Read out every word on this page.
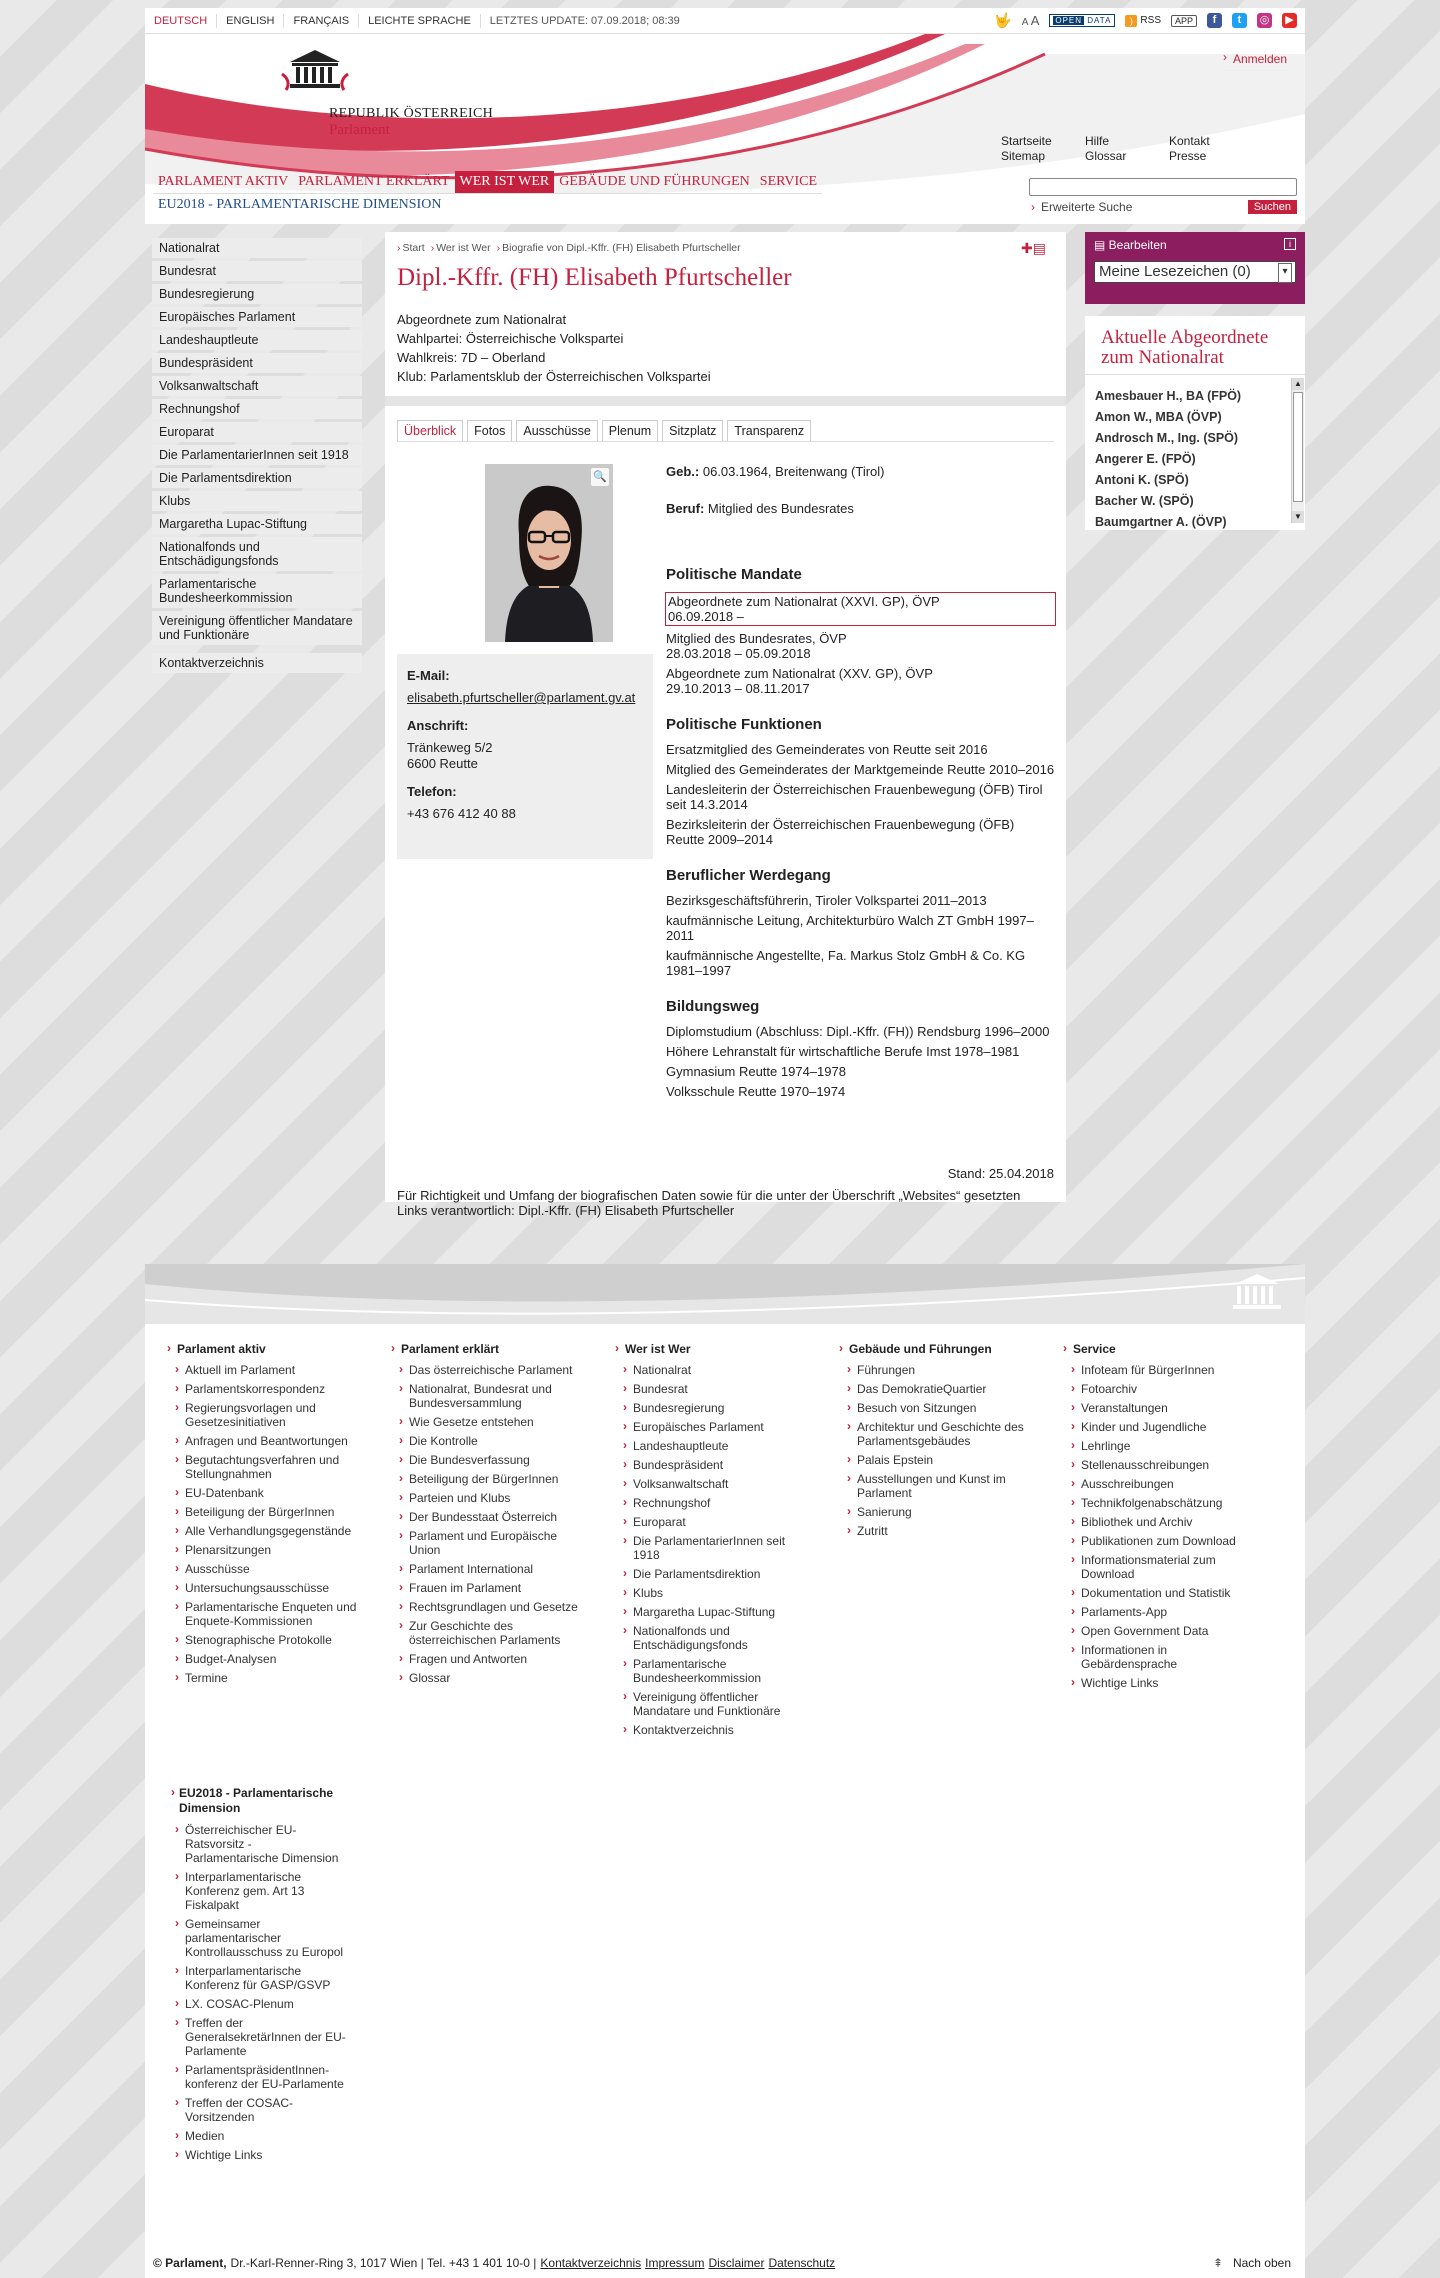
DEUTSCH	ENGLISH	FRANÇAIS	LEICHTE SPRACHE	LETZTES UPDATE: 07.09.2018; 08:39	🤟 A A	OPEN DATA	) RSS	APP	f	t	◎ ▶
REPUBLIK ÖSTERREICH
Parlament
› Anmelden
Startseite	Hilfe	Kontakt
Sitemap	Glossar	Presse
PARLAMENT AKTIV PARLAMENT ERKLÄRT WER IST WER GEBÄUDE UND FÜHRUNGEN SERVICE
EU2018 - PARLAMENTARISCHE DIMENSION	› Erweiterte Suche	Suchen
Nationalrat
Bundesrat
Bundesregierung
Europäisches Parlament
Landeshauptleute
Bundespräsident
Volksanwaltschaft
Rechnungshof
Europarat
Die ParlamentarierInnen seit 1918
Die Parlamentsdirektion
Klubs
Margaretha Lupac-Stiftung
Nationalfonds und Entschädigungsfonds
Parlamentarische Bundesheerkommission
Vereinigung öffentlicher Mandatare und Funktionäre
Kontaktverzeichnis
› Start	› Wer ist Wer	› Biografie von Dipl.-Kffr. (FH) Elisabeth Pfurtscheller	✚▤
Dipl.-Kffr. (FH) Elisabeth Pfurtscheller
Abgeordnete zum Nationalrat
Wahlpartei: Österreichische Volkspartei
Wahlkreis: 7D – Oberland
Klub: Parlamentsklub der Österreichischen Volkspartei
Überblick	Fotos	Ausschüsse	Plenum	Sitzplatz	Transparenz
🔍
E-Mail:
elisabeth.pfurtscheller@parlament.gv.at
Anschrift:
Tränkeweg 5/2
6600 Reutte
Telefon:
+43 676 412 40 88
Geb.: 06.03.1964, Breitenwang (Tirol)
Beruf: Mitglied des Bundesrates
Politische Mandate
Abgeordnete zum Nationalrat (XXVI. GP), ÖVP
06.09.2018 –
Mitglied des Bundesrates, ÖVP
28.03.2018 – 05.09.2018
Abgeordnete zum Nationalrat (XXV. GP), ÖVP
29.10.2013 – 08.11.2017
Politische Funktionen
Ersatzmitglied des Gemeinderates von Reutte seit 2016
Mitglied des Gemeinderates der Marktgemeinde Reutte 2010–2016
Landesleiterin der Österreichischen Frauenbewegung (ÖFB) Tirol seit 14.3.2014
Bezirksleiterin der Österreichischen Frauenbewegung (ÖFB) Reutte 2009–2014
Beruflicher Werdegang
Bezirksgeschäftsführerin, Tiroler Volkspartei 2011–2013
kaufmännische Leitung, Architekturbüro Walch ZT GmbH 1997–2011
kaufmännische Angestellte, Fa. Markus Stolz GmbH & Co. KG 1981–1997
Bildungsweg
Diplomstudium (Abschluss: Dipl.-Kffr. (FH)) Rendsburg 1996–2000
Höhere Lehranstalt für wirtschaftliche Berufe Imst 1978–1981
Gymnasium Reutte 1974–1978
Volksschule Reutte 1970–1974
Stand: 25.04.2018
Für Richtigkeit und Umfang der biografischen Daten sowie für die unter der Überschrift „Websites“ gesetzten Links verantwortlich: Dipl.-Kffr. (FH) Elisabeth Pfurtscheller
▤ Bearbeiten	i
Meine Lesezeichen (0) ▾
Aktuelle Abgeordnete zum Nationalrat
Amesbauer H., BA (FPÖ)
Amon W., MBA (ÖVP)
Androsch M., Ing. (SPÖ)
Angerer E. (FPÖ)
Antoni K. (SPÖ)
Bacher W. (SPÖ)
Baumgartner A. (ÖVP)
▲
▼
› Parlament aktiv
› Aktuell im Parlament
› Parlamentskorrespondenz
› Regierungsvorlagen und Gesetzesinitiativen
› Anfragen und Beantwortungen
› Begutachtungsverfahren und Stellungnahmen
› EU-Datenbank
› Beteiligung der BürgerInnen
› Alle Verhandlungsgegenstände
› Plenarsitzungen
› Ausschüsse
› Untersuchungsausschüsse
› Parlamentarische Enqueten und Enquete-Kommissionen
› Stenographische Protokolle
› Budget-Analysen
› Termine
› Parlament erklärt
› Das österreichische Parlament
› Nationalrat, Bundesrat und Bundesversammlung
› Wie Gesetze entstehen
› Die Kontrolle
› Die Bundesverfassung
› Beteiligung der BürgerInnen
› Parteien und Klubs
› Der Bundesstaat Österreich
› Parlament und Europäische Union
› Parlament International
› Frauen im Parlament
› Rechtsgrundlagen und Gesetze
› Zur Geschichte des österreichischen Parlaments
› Fragen und Antworten
› Glossar
› Wer ist Wer
› Nationalrat
› Bundesrat
› Bundesregierung
› Europäisches Parlament
› Landeshauptleute
› Bundespräsident
› Volksanwaltschaft
› Rechnungshof
› Europarat
› Die ParlamentarierInnen seit 1918
› Die Parlamentsdirektion
› Klubs
› Margaretha Lupac-Stiftung
› Nationalfonds und Entschädigungsfonds
› Parlamentarische Bundesheerkommission
› Vereinigung öffentlicher Mandatare und Funktionäre
› Kontaktverzeichnis
› Gebäude und Führungen
› Führungen
› Das DemokratieQuartier
› Besuch von Sitzungen
› Architektur und Geschichte des Parlamentsgebäudes
› Palais Epstein
› Ausstellungen und Kunst im Parlament
› Sanierung
› Zutritt
› Service
› Infoteam für BürgerInnen
› Fotoarchiv
› Veranstaltungen
› Kinder und Jugendliche
› Lehrlinge
› Stellenausschreibungen
› Ausschreibungen
› Technikfolgenabschätzung
› Bibliothek und Archiv
› Publikationen zum Download
› Informationsmaterial zum Download
› Dokumentation und Statistik
› Parlaments-App
› Open Government Data
› Informationen in Gebärdensprache
› Wichtige Links
› EU2018 - Parlamentarische Dimension
› Österreichischer EU-Ratsvorsitz - Parlamentarische Dimension
› Interparlamentarische Konferenz gem. Art 13 Fiskalpakt
› Gemeinsamer parlamentarischer Kontrollausschuss zu Europol
› Interparlamentarische Konferenz für GASP/GSVP
› LX. COSAC-Plenum
› Treffen der GeneralsekretärInnen der EU-Parlamente
› ParlamentspräsidentInnen-konferenz der EU-Parlamente
› Treffen der COSAC-Vorsitzenden
› Medien
› Wichtige Links
© Parlament, Dr.-Karl-Renner-Ring 3, 1017 Wien | Tel. +43 1 401 10-0 | Kontaktverzeichnis Impressum Disclaimer Datenschutz	⇞ Nach oben
